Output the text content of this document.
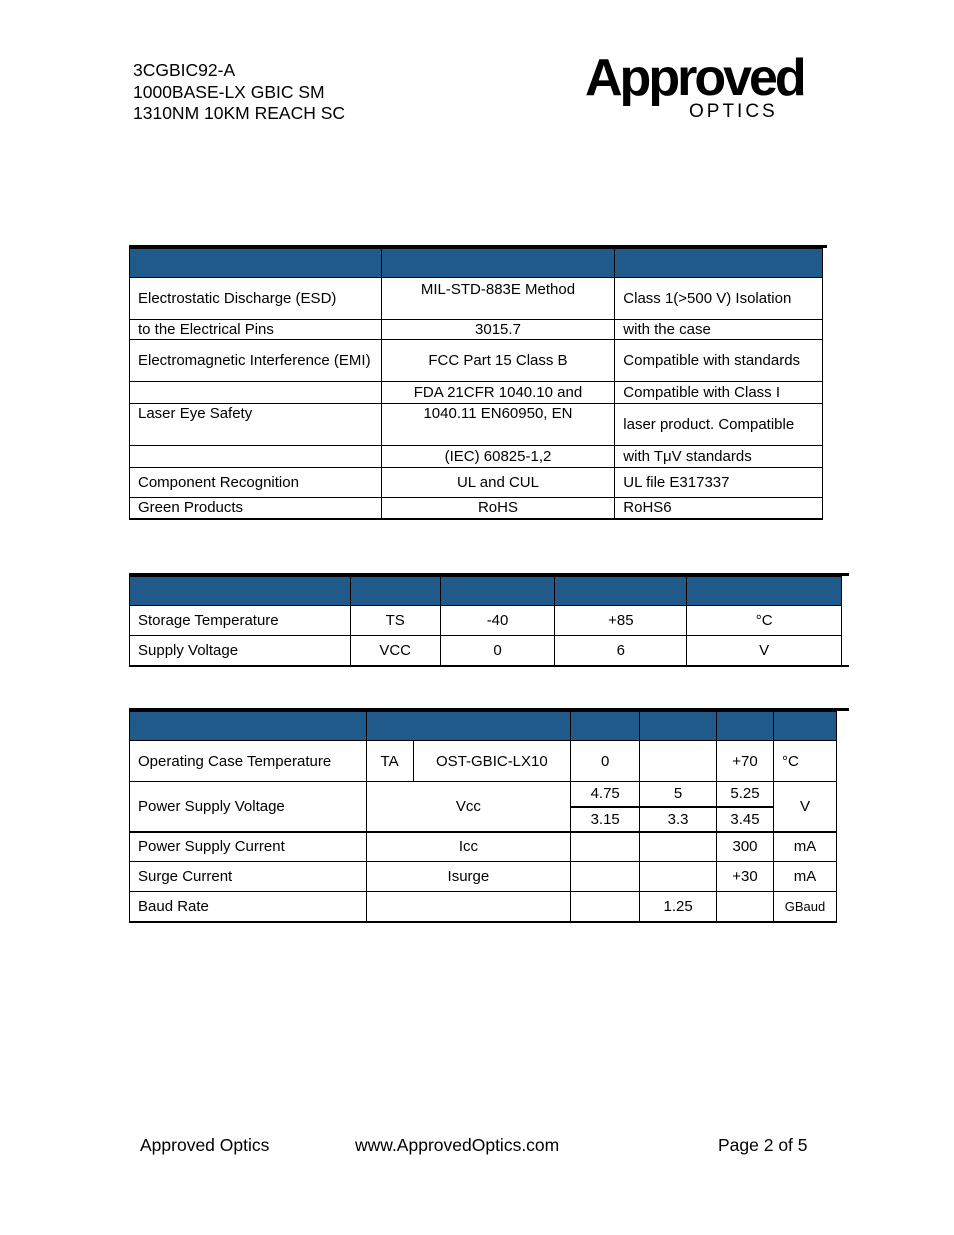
3CGBIC92-A
1000BASE-LX GBIC SM
1310NM 10KM REACH SC
Approved
OPTICS

Electrostatic Discharge (ESD)	MIL-STD-883E Method	Class 1(>500 V) Isolation
to the Electrical Pins	3015.7	with the case
Electromagnetic Interference (EMI)	FCC Part 15 Class B	Compatible with standards
	FDA 21CFR 1040.10 and	Compatible with Class I
Laser Eye Safety	1040.11 EN60950, EN	laser product. Compatible
	(IEC) 60825-1,2	with TμV standards
Component Recognition	UL and CUL	UL file E317337
Green Products	RoHS	RoHS6

Storage Temperature	TS	-40	+85	°C
Supply Voltage	VCC	0	6	V

Operating Case Temperature	TA	OST-GBIC-LX10	0		+70	°C
Power Supply Voltage	Vcc		4.75	5	5.25	V
			3.15	3.3	3.45	
Power Supply Current	Icc				300	mA
Surge Current	Isurge				+30	mA
Baud Rate				1.25		GBaud
Approved Optics	www.ApprovedOptics.com	Page 2 of 5
